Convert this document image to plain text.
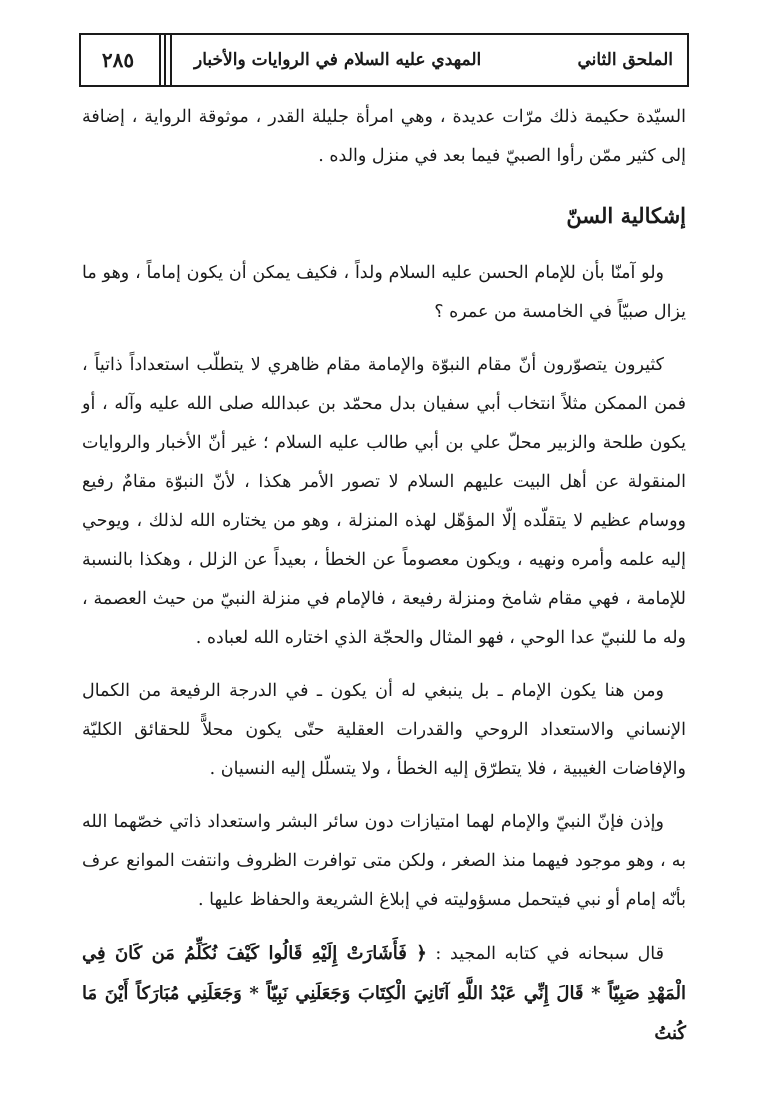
٢٨٥	الملحق الثاني
المهدي عليه السلام في الروايات والأخبار

السيّدة حكيمة ذلك مرّات عديدة ، وهي امرأة جليلة القدر ، موثوقة الرواية ، إضافة إلى كثير ممّن رأوا الصبيّ فيما بعد في منزل والده .

إشكالية السنّ

ولو آمنّا بأن للإمام الحسن عليه السلام ولداً ، فكيف يمكن أن يكون إماماً ، وهو ما يزال صبيّاً في الخامسة من عمره ؟

كثيرون يتصوّرون أنّ مقام النبوّة والإمامة مقام ظاهري لا يتطلّب استعداداً ذاتياً ، فمن الممكن مثلاً انتخاب أبي سفيان بدل محمّد بن عبدالله صلى الله عليه وآله ، أو يكون طلحة والزبير محلّ علي بن أبي طالب عليه السلام ؛ غير أنّ الأخبار والروايات المنقولة عن أهل البيت عليهم السلام لا تصور الأمر هكذا ، لأنّ النبوّة مقامٌ رفيع ووسام عظيم لا يتقلّده إلّا المؤهّل لهذه المنزلة ، وهو من يختاره الله لذلك ، ويوحي إليه علمه وأمره ونهيه ، ويكون معصوماً عن الخطأ ، بعيداً عن الزلل ، وهكذا بالنسبة للإمامة ، فهي مقام شامخ ومنزلة رفيعة ، فالإمام في منزلة النبيّ من حيث العصمة ، وله ما للنبيّ عدا الوحي ، فهو المثال والحجّة الذي اختاره الله لعباده .

ومن هنا يكون الإمام ـ بل ينبغي له أن يكون ـ في الدرجة الرفيعة من الكمال الإنساني والاستعداد الروحي والقدرات العقلية حتّى يكون محلاًّ للحقائق الكليّة والإفاضات الغيبية ، فلا يتطرّق إليه الخطأ ، ولا يتسلّل إليه النسيان .

وإذن فإنّ النبيّ والإمام لهما امتيازات دون سائر البشر واستعداد ذاتي خصّهما الله به ، وهو موجود فيهما منذ الصغر ، ولكن متى توافرت الظروف وانتفت الموانع عرف بأنّه إمام أو نبي فيتحمل مسؤوليته في إبلاغ الشريعة والحفاظ عليها .

قال سبحانه في كتابه المجيد : ﴿ فَأَشَارَتْ إِلَيْهِ قَالُوا كَيْفَ نُكَلِّمُ مَن كَانَ فِي الْمَهْدِ صَبِيّاً * قَالَ إِنِّي عَبْدُ اللَّهِ آتَانِيَ الْكِتَابَ وَجَعَلَنِي نَبِيّاً * وَجَعَلَنِي مُبَارَكاً أَيْنَ مَا كُنتُ
